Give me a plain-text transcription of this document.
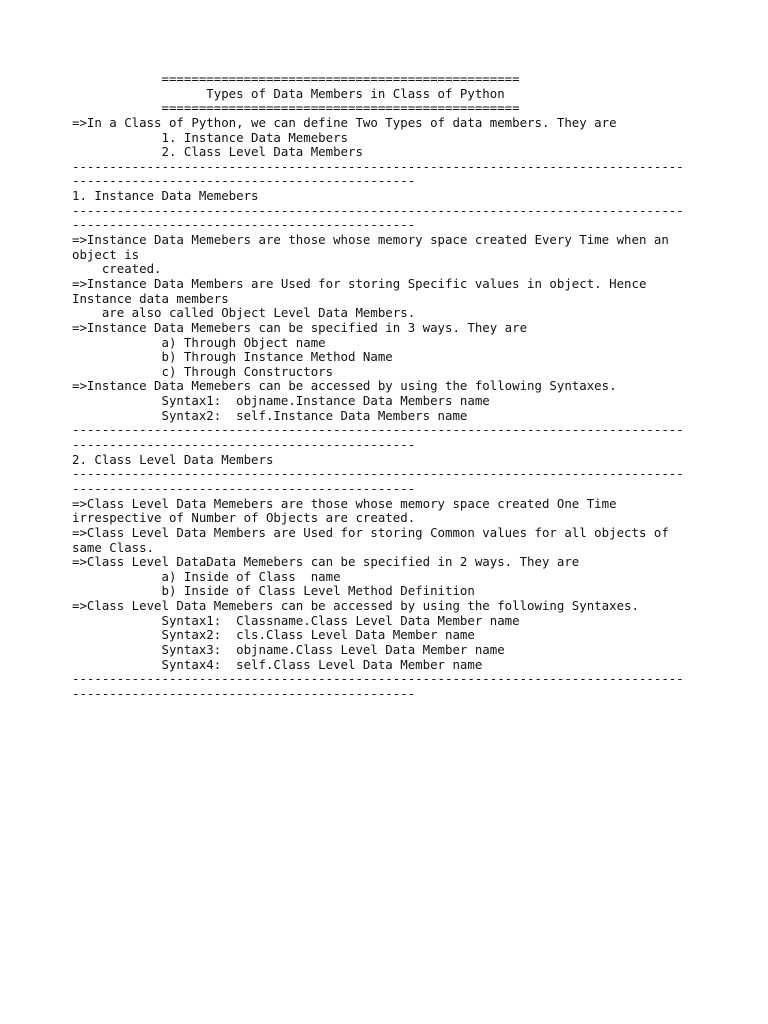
================================================
Types of Data Members in Class of Python
================================================
=>In a Class of Python, we can define Two Types of data members. They are
1. Instance Data Memebers
2. Class Level Data Members
----------------------------------------------------------------------------------
----------------------------------------------
1. Instance Data Memebers
----------------------------------------------------------------------------------
----------------------------------------------
=>Instance Data Memebers are those whose memory space created Every Time when an
object is
created.
=>Instance Data Members are Used for storing Specific values in object. Hence
Instance data members
are also called Object Level Data Members.
=>Instance Data Memebers can be specified in 3 ways. They are
a) Through Object name
b) Through Instance Method Name
c) Through Constructors
=>Instance Data Memebers can be accessed by using the following Syntaxes.
Syntax1:  objname.Instance Data Members name
Syntax2:  self.Instance Data Members name
----------------------------------------------------------------------------------
----------------------------------------------
2. Class Level Data Members
----------------------------------------------------------------------------------
----------------------------------------------
=>Class Level Data Memebers are those whose memory space created One Time
irrespective of Number of Objects are created.
=>Class Level Data Members are Used for storing Common values for all objects of
same Class.
=>Class Level DataData Memebers can be specified in 2 ways. They are
a) Inside of Class  name
b) Inside of Class Level Method Definition
=>Class Level Data Memebers can be accessed by using the following Syntaxes.
Syntax1:  Classname.Class Level Data Member name
Syntax2:  cls.Class Level Data Member name
Syntax3:  objname.Class Level Data Member name
Syntax4:  self.Class Level Data Member name
----------------------------------------------------------------------------------
----------------------------------------------
